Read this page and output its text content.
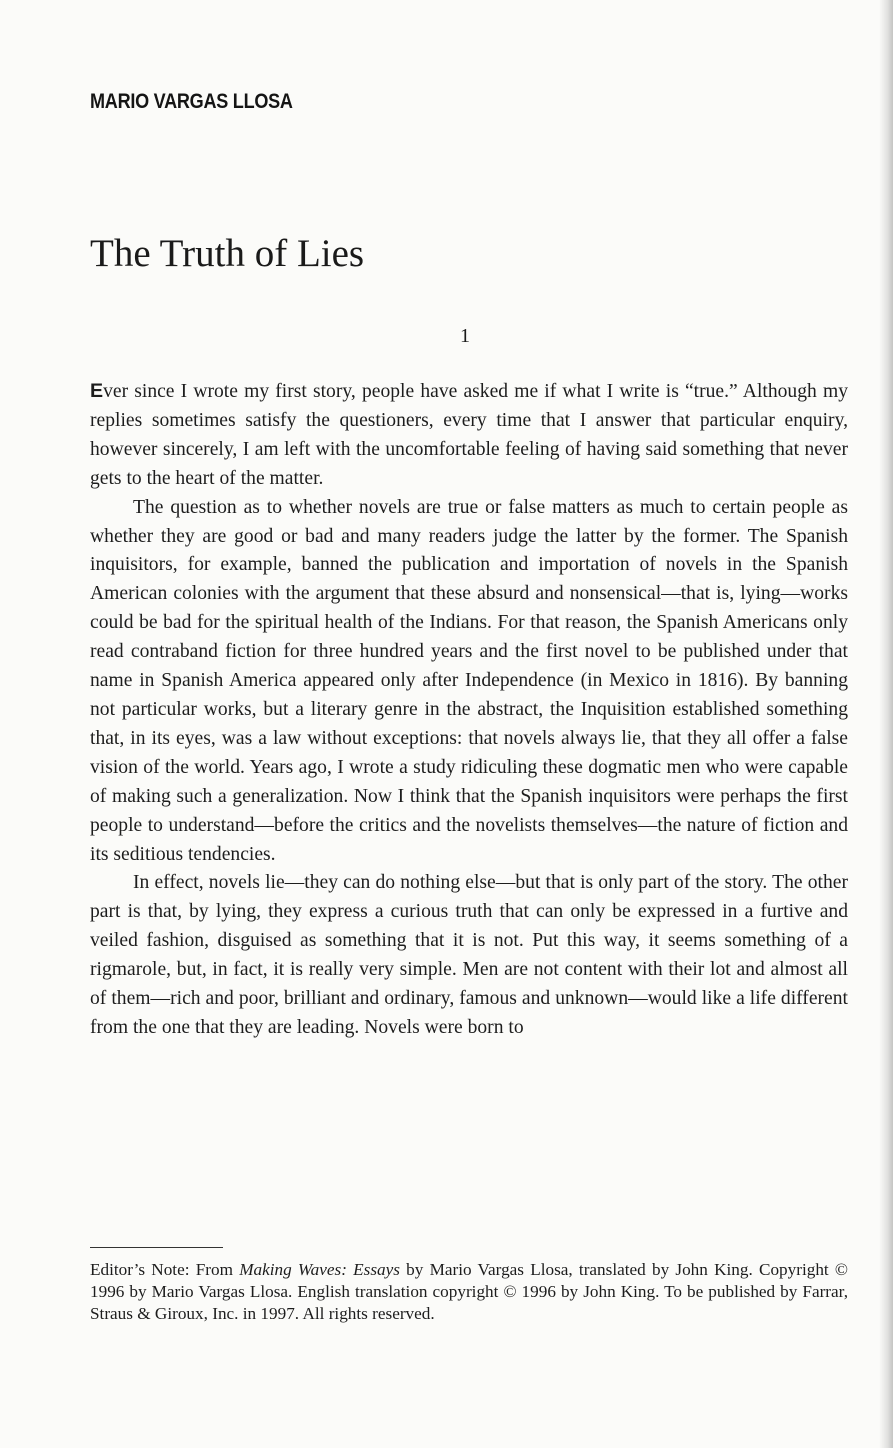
MARIO VARGAS LLOSA
The Truth of Lies
1

Ever since I wrote my first story, people have asked me if what I write is “true.” Although my replies sometimes satisfy the questioners, every time that I answer that particular enquiry, however sincerely, I am left with the uncomfortable feeling of having said something that never gets to the heart of the matter.

The question as to whether novels are true or false matters as much to certain people as whether they are good or bad and many readers judge the latter by the former. The Spanish inquisitors, for example, banned the publication and importation of novels in the Spanish American colonies with the argument that these absurd and nonsensical—that is, lying—works could be bad for the spiritual health of the Indians. For that reason, the Spanish Americans only read contraband fiction for three hundred years and the first novel to be published under that name in Spanish America appeared only after Independence (in Mexico in 1816). By banning not particular works, but a literary genre in the abstract, the Inquisition established something that, in its eyes, was a law without exceptions: that novels always lie, that they all offer a false vision of the world. Years ago, I wrote a study ridiculing these dogmatic men who were capable of making such a generalization. Now I think that the Spanish inquisitors were perhaps the first people to understand—before the critics and the novelists themselves—the nature of fiction and its seditious tendencies.

In effect, novels lie—they can do nothing else—but that is only part of the story. The other part is that, by lying, they express a curious truth that can only be expressed in a furtive and veiled fashion, disguised as something that it is not. Put this way, it seems something of a rigmarole, but, in fact, it is really very simple. Men are not content with their lot and almost all of them—rich and poor, brilliant and ordinary, famous and unknown—would like a life different from the one that they are leading. Novels were born to

Editor’s Note: From Making Waves: Essays by Mario Vargas Llosa, translated by John King. Copyright © 1996 by Mario Vargas Llosa. English translation copyright © 1996 by John King. To be published by Farrar, Straus & Giroux, Inc. in 1997. All rights reserved.
